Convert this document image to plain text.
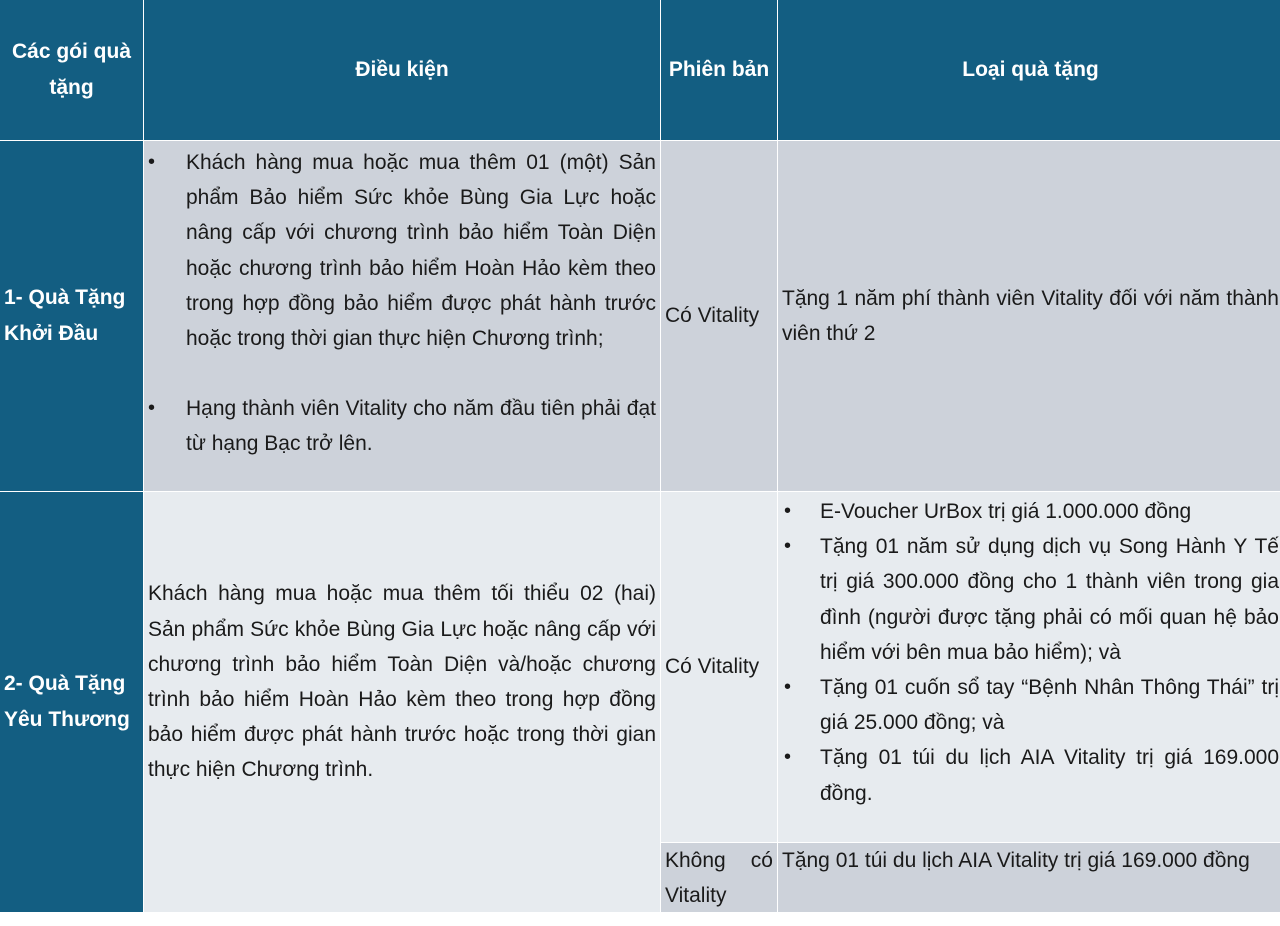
Các gói quà tặng
Điều kiện	Phiên bản	Loại quà tặng
1- Quà Tặng Khởi Đầu
• Khách hàng mua hoặc mua thêm 01 (một) Sản phẩm Bảo hiểm Sức khỏe Bùng Gia Lực hoặc nâng cấp với chương trình bảo hiểm Toàn Diện hoặc chương trình bảo hiểm Hoàn Hảo kèm theo trong hợp đồng bảo hiểm được phát hành trước hoặc trong thời gian thực hiện Chương trình;
• Hạng thành viên Vitality cho năm đầu tiên phải đạt từ hạng Bạc trở lên.
Có Vitality
Tặng 1 năm phí thành viên Vitality đối với năm thành viên thứ 2
2- Quà Tặng Yêu Thương
Khách hàng mua hoặc mua thêm tối thiểu 02 (hai) Sản phẩm Sức khỏe Bùng Gia Lực hoặc nâng cấp với chương trình bảo hiểm Toàn Diện và/hoặc chương trình bảo hiểm Hoàn Hảo kèm theo trong hợp đồng bảo hiểm được phát hành trước hoặc trong thời gian thực hiện Chương trình.
Có Vitality
• E-Voucher UrBox trị giá 1.000.000 đồng
• Tặng 01 năm sử dụng dịch vụ Song Hành Y Tế trị giá 300.000 đồng cho 1 thành viên trong gia đình (người được tặng phải có mối quan hệ bảo hiểm với bên mua bảo hiểm); và
• Tặng 01 cuốn sổ tay “Bệnh Nhân Thông Thái” trị giá 25.000 đồng; và
• Tặng 01 túi du lịch AIA Vitality trị giá 169.000 đồng.
Không có Vitality
Tặng 01 túi du lịch AIA Vitality trị giá 169.000 đồng
